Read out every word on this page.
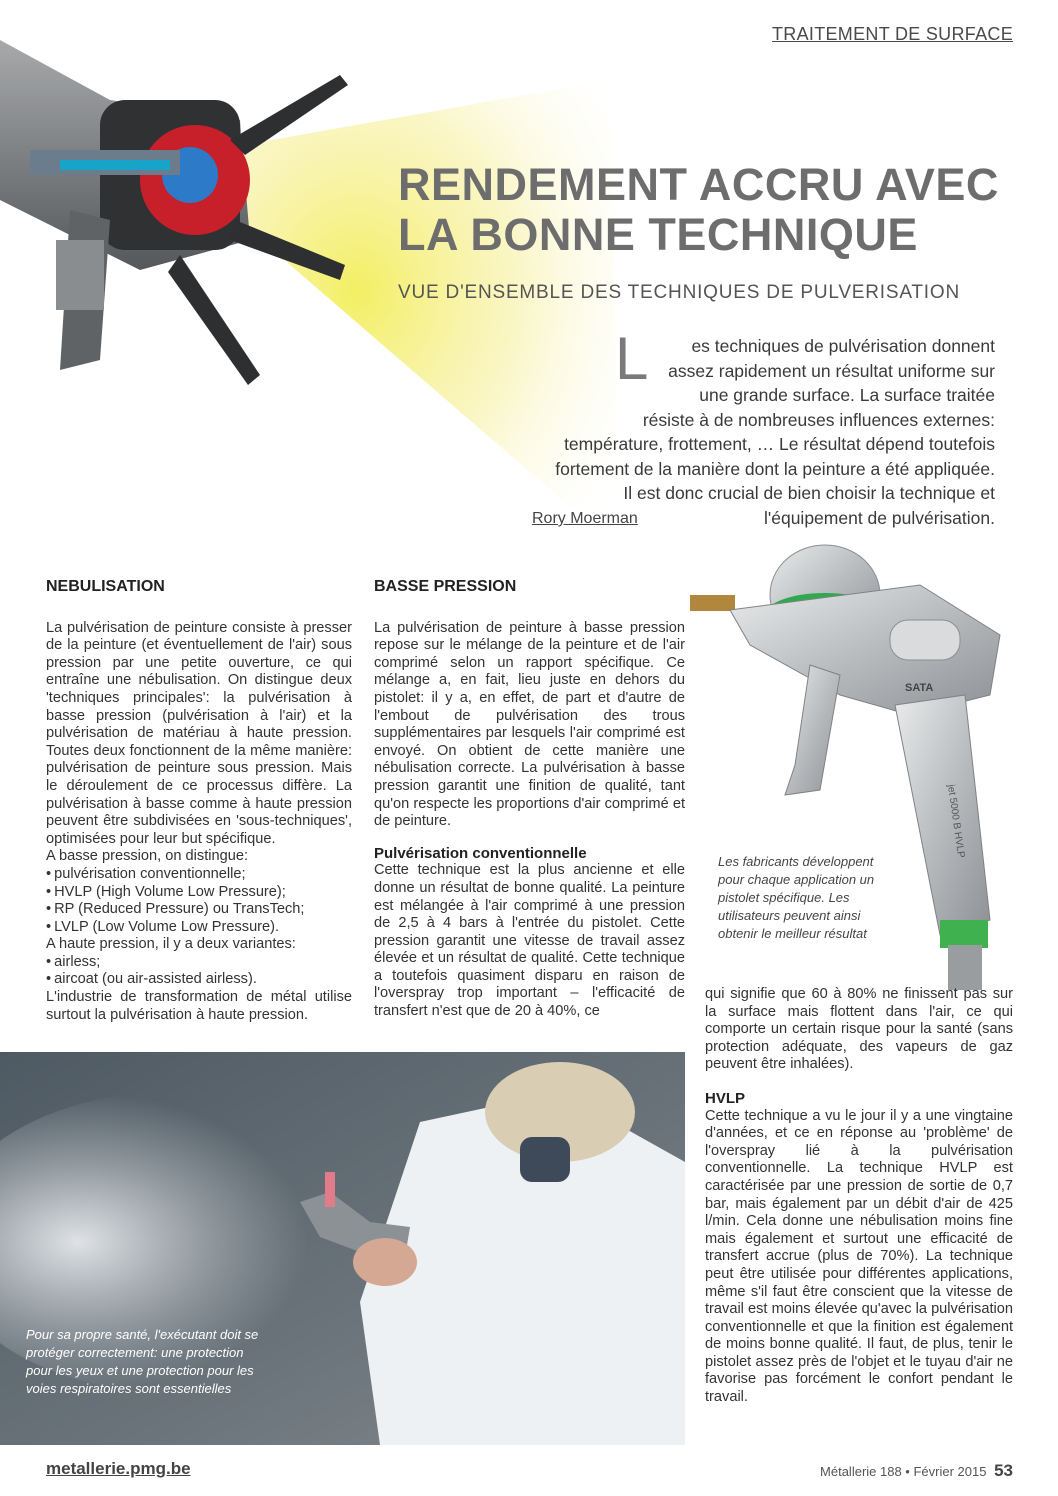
TRAITEMENT DE SURFACE
RENDEMENT ACCRU AVEC
LA BONNE TECHNIQUE
VUE D'ENSEMBLE DES TECHNIQUES DE PULVERISATION
L es techniques de pulvérisation donnent assez rapidement un résultat uniforme sur une grande surface. La surface traitée résiste à de nombreuses influences externes: température, frottement, … Le résultat dépend toutefois fortement de la manière dont la peinture a été appliquée. Il est donc crucial de bien choisir la technique et l'équipement de pulvérisation.
Rory Moerman
NEBULISATION

La pulvérisation de peinture consiste à presser de la peinture (et éventuellement de l'air) sous pression par une petite ouverture, ce qui entraîne une nébulisation. On distingue deux 'techniques principales': la pulvérisation à basse pression (pulvérisation à l'air) et la pulvérisation de matériau à haute pression. Toutes deux fonctionnent de la même manière: pulvérisation de peinture sous pression. Mais le déroulement de ce processus diffère. La pulvérisation à basse comme à haute pression peuvent être subdivisées en 'sous-techniques', optimisées pour leur but spécifique.

A basse pression, on distingue:

• pulvérisation conventionnelle;
• HVLP (High Volume Low Pressure);
• RP (Reduced Pressure) ou TransTech;
• LVLP (Low Volume Low Pressure).

A haute pression, il y a deux variantes:

• airless;
• aircoat (ou air-assisted airless).

L'industrie de transformation de métal utilise surtout la pulvérisation à haute pression.

BASSE PRESSION

La pulvérisation de peinture à basse pression repose sur le mélange de la peinture et de l'air comprimé selon un rapport spécifique. Ce mélange a, en fait, lieu juste en dehors du pistolet: il y a, en effet, de part et d'autre de l'embout de pulvérisation des trous supplémentaires par lesquels l'air comprimé est envoyé. On obtient de cette manière une nébulisation correcte. La pulvérisation à basse pression garantit une finition de qualité, tant qu'on respecte les proportions d'air comprimé et de peinture.

Pulvérisation conventionnelle

Cette technique est la plus ancienne et elle donne un résultat de bonne qualité. La peinture est mélangée à l'air comprimé à une pression de 2,5 à 4 bars à l'entrée du pistolet. Cette pression garantit une vitesse de travail assez élevée et un résultat de qualité. Cette technique a toutefois quasiment disparu en raison de l'overspray trop important – l'efficacité de transfert n'est que de 20 à 40%, ce

SATA
jet 5000 B HVLP
Les fabricants développent pour chaque application un pistolet spécifique. Les utilisateurs peuvent ainsi obtenir le meilleur résultat

qui signifie que 60 à 80% ne finissent pas sur la surface mais flottent dans l'air, ce qui comporte un certain risque pour la santé (sans protection adéquate, des vapeurs de gaz peuvent être inhalées).

HVLP

Cette technique a vu le jour il y a une vingtaine d'années, et ce en réponse au 'problème' de l'overspray lié à la pulvérisation conventionnelle. La technique HVLP est caractérisée par une pression de sortie de 0,7 bar, mais également par un débit d'air de 425 l/min. Cela donne une nébulisation moins fine mais également et surtout une efficacité de transfert accrue (plus de 70%). La technique peut être utilisée pour différentes applications, même s'il faut être conscient que la vitesse de travail est moins élevée qu'avec la pulvérisation conventionnelle et que la finition est également de moins bonne qualité. Il faut, de plus, tenir le pistolet assez près de l'objet et le tuyau d'air ne favorise pas forcément le confort pendant le travail.

Pour sa propre santé, l'exécutant doit se protéger correctement: une protection pour les yeux et une protection pour les voies respiratoires sont essentielles
metallerie.pmg.be	Métallerie 188 • Février 2015 53
